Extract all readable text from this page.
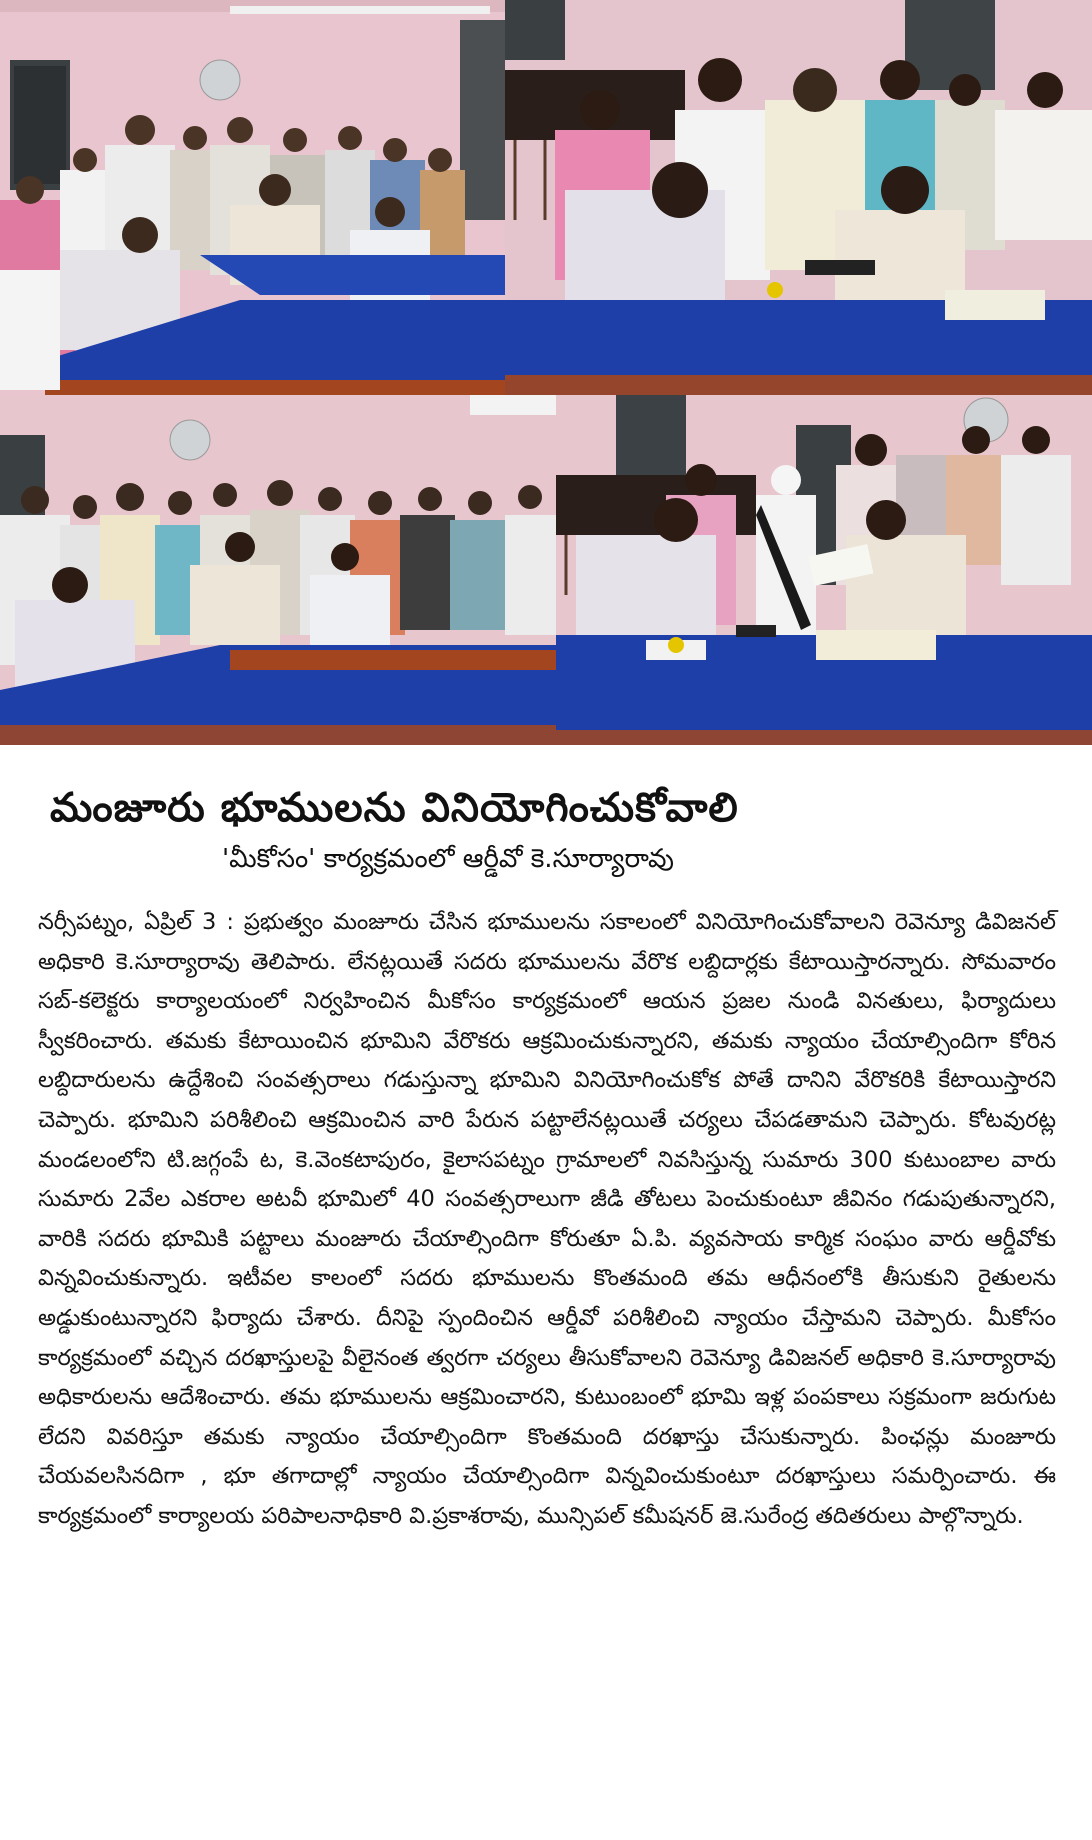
మంజూరు భూములను వినియోగించుకోవాలి
'మీకోసం' కార్యక్రమంలో ఆర్డీవో కె.సూర్యారావు

నర్సీపట్నం, ఏప్రిల్ 3 : ప్రభుత్వం మంజూరు చేసిన భూములను సకాలంలో వినియోగించుకోవాలని రెవెన్యూ డివిజనల్ అధికారి కె.సూర్యారావు తెలిపారు. లేనట్లయితే సదరు భూములను వేరొక లబ్దిదార్లకు కేటాయిస్తారన్నారు. సోమవారం సబ్-కలెక్టరు కార్యాలయంలో నిర్వహించిన మీకోసం కార్యక్రమంలో ఆయన ప్రజల నుండి వినతులు, ఫిర్యాదులు స్వీకరించారు. తమకు కేటాయించిన భూమిని వేరొకరు ఆక్రమించుకున్నారని, తమకు న్యాయం చేయాల్సిందిగా కోరిన లబ్దిదారులను ఉద్దేశించి సంవత్సరాలు గడుస్తున్నా భూమిని వినియోగించుకోక పోతే దానిని వేరొకరికి కేటాయిస్తారని చెప్పారు. భూమిని పరిశీలించి ఆక్రమించిన వారి పేరున పట్టాలేనట్లయితే చర్యలు చేపడతామని చెప్పారు. కోటవురట్ల మండలంలోని టి.జగ్గంపే ట, కె.వెంకటాపురం, కైలాసపట్నం గ్రామాలలో నివసిస్తున్న సుమారు 300 కుటుంబాల వారు సుమారు 2వేల ఎకరాల అటవీ భూమిలో 40 సంవత్సరాలుగా జీడి తోటలు పెంచుకుంటూ జీవినం గడుపుతున్నారని, వారికి సదరు భూమికి పట్టాలు మంజూరు చేయాల్సిందిగా కోరుతూ ఏ.పి. వ్యవసాయ కార్మిక సంఘం వారు ఆర్డీవోకు విన్నవించుకున్నారు. ఇటీవల కాలంలో సదరు భూములను కొంతమంది తమ ఆధీనంలోకి తీసుకుని రైతులను అడ్డుకుంటున్నారని ఫిర్యాదు చేశారు. దీనిపై స్పందించిన ఆర్డీవో పరిశీలించి న్యాయం చేస్తామని చెప్పారు. మీకోసం కార్యక్రమంలో వచ్చిన దరఖాస్తులపై వీలైనంత త్వరగా చర్యలు తీసుకోవాలని రెవెన్యూ డివిజనల్ అధికారి కె.సూర్యారావు అధికారులను ఆదేశించారు. తమ భూములను ఆక్రమించారని, కుటుంబంలో భూమి ఇళ్ల పంపకాలు సక్రమంగా జరుగుట లేదని వివరిస్తూ తమకు న్యాయం చేయాల్సిందిగా కొంతమంది దరఖాస్తు చేసుకున్నారు. పింఛన్లు మంజూరు చేయవలసినదిగా , భూ తగాదాల్లో న్యాయం చేయాల్సిందిగా విన్నవించుకుంటూ దరఖాస్తులు సమర్పించారు. ఈ కార్యక్రమంలో కార్యాలయ పరిపాలనాధికారి వి.ప్రకాశరావు, మున్సిపల్ కమీషనర్ జె.సురేంద్ర తదితరులు పాల్గొన్నారు.
